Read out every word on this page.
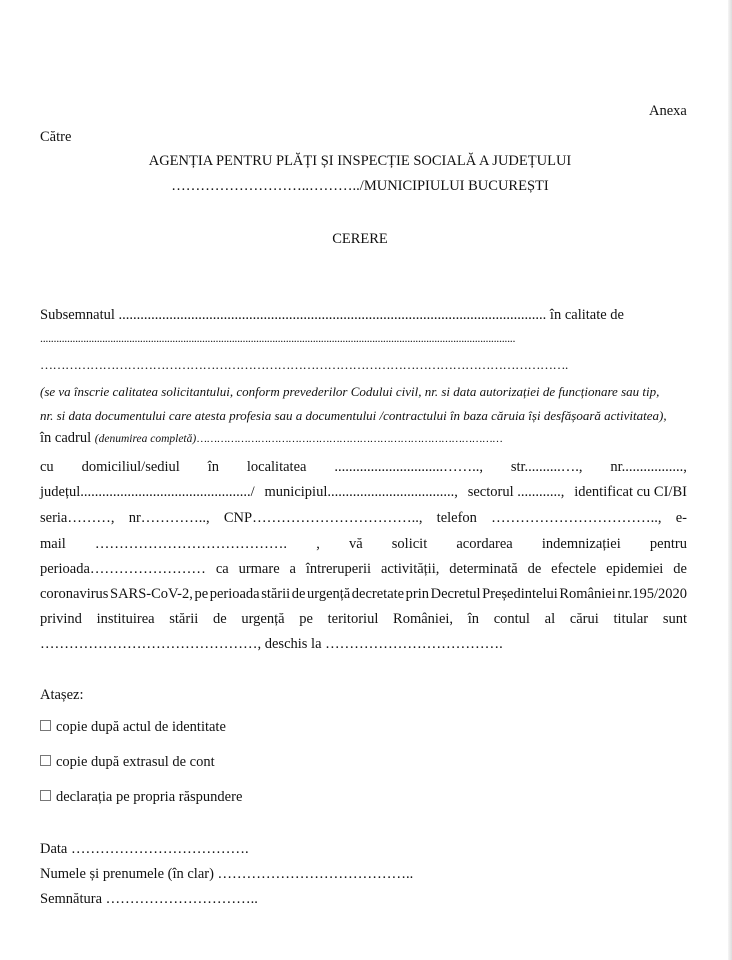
Anexa
Către
AGENȚIA PENTRU PLĂȚI ȘI INSPECȚIE SOCIALĂ A JUDEȚULUI
………………………..………../MUNICIPIULUI BUCUREȘTI
CERERE
Subsemnatul ...................................................................................................................... în calitate de
................................................................................................................................................................................
……………………………………………………………………………………………………………….
(se va înscrie calitatea solicitantului, conform prevederilor Codului civil, nr. si data autorizației de funcționare sau tip,
nr. si data documentului care atesta profesia sau a documentului /contractului în baza căruia își desfășoară activitatea),
în cadrul (denumirea completă)………………………………………………………………………………
cu domiciliul/sediul în localitatea ..............................…….., str..........…., nr.................,
județul.............................................../ municipiul..................................., sectorul ............, identificat cu CI/BI
seria………, nr………….., CNP…………………………….., telefon …………………………….., e-
mail …………………………………. , vă solicit acordarea indemnizației pentru
perioada…………………… ca urmare a întreruperii activității, determinată de efectele epidemiei de
coronavirus SARS-CoV-2, pe perioada stării de urgență decretate prin Decretul Președintelui României nr.195/2020
privind instituirea stării de urgență pe teritoriul României, în contul al cărui titular sunt
………………………………………, deschis la ……………………………….
Atașez:
copie după actul de identitate
copie după extrasul de cont
declarația pe propria răspundere
Data ……………………………….
Numele și prenumele (în clar) …………………………………..
Semnătura …………………………..
